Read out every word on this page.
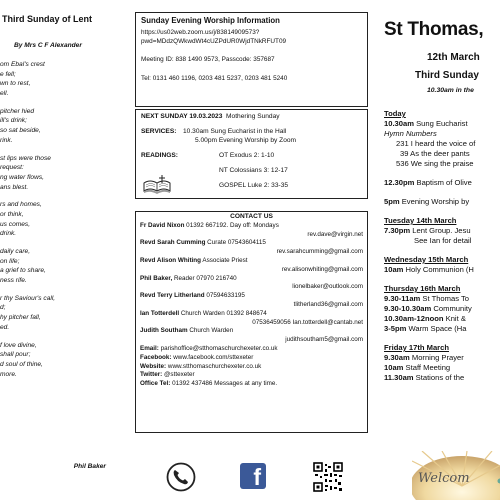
Third Sunday of Lent
By Mrs C F Alexander
om Ebal's crest
e fell;
wn to rest,
ell.
pitcher hied
ill's drink;
so sat beside,
rink.
st lips were those
request:
ng water flows,
ans blest.
rs and homes,
or think,
us comes,
drink.
daily care,
on life;
a grief to share,
ness rife.
r thy Saviour's call,
d;
hy pitcher fall,
ed.
f love divine,
shall pour;
d soul of thine,
more.
Phil Baker
Sunday Evening Worship Information
https://us02web.zoom.us/j/83814909573?
pwd=MDdzQWkwdWt4cUZPdUR0WjdTNkRFUT09
Meeting ID: 838 1490 9573, Passcode: 357687
Tel: 0131 460 1196, 0203 481 5237, 0203 481 5240
NEXT SUNDAY 19.03.2023 Mothering Sunday
SERVICES: 10.30am Sung Eucharist in the Hall
5.00pm Evening Worship by Zoom
READINGS:	OT Exodus 2: 1-10
NT Colossians 3: 12-17
GOSPEL Luke 2: 33-35
CONTACT US
Fr David Nixon 01392 667192. Day off: Mondays
rev.dave@virgin.net
Revd Sarah Cumming Curate 07543604115
rev.sarahcumming@gmail.com
Revd Alison Whiting Associate Priest
rev.alisonwhiting@gmail.com
Phil Baker, Reader 07970 216740
lionelbaker@outlook.com
Revd Terry Litherland 07594633195
tlitherland36@gmail.com
Ian Totterdell Church Warden 01392 848674
07536459056 Ian.totterdell@cantab.net
Judith Southam Church Warden
judithsoutham5@gmail.com
Email: parishoffice@stthomaschurchexeter.co.uk
Facebook: www.facebook.com/sttexeter
Website: www.stthomaschurchexeter.co.uk
Twitter: @sttexeter
Office Tel: 01392 437486 Messages at any time.
f
St Thomas,
12th March
Third Sunday
10.30am in the
Today
10.30am Sung Eucharist
Hymn Numbers
231 I heard the voice of
39 As the deer pants
536 We sing the praise
12.30pm Baptism of Olive
5pm Evening Worship by
Tuesday 14th March
7.30pm Lent Group. Jesu
See Ian for detail
Wednesday 15th March
10am Holy Communion (H
Thursday 16th March
9.30-11am St Thomas To
9.30-10.30am Community
10.30am-12noon Knit &
3-5pm Warm Space (Ha
Friday 17th March
9.30am Morning Prayer
10am Staff Meeting
11.30am Stations of the
Welcom
